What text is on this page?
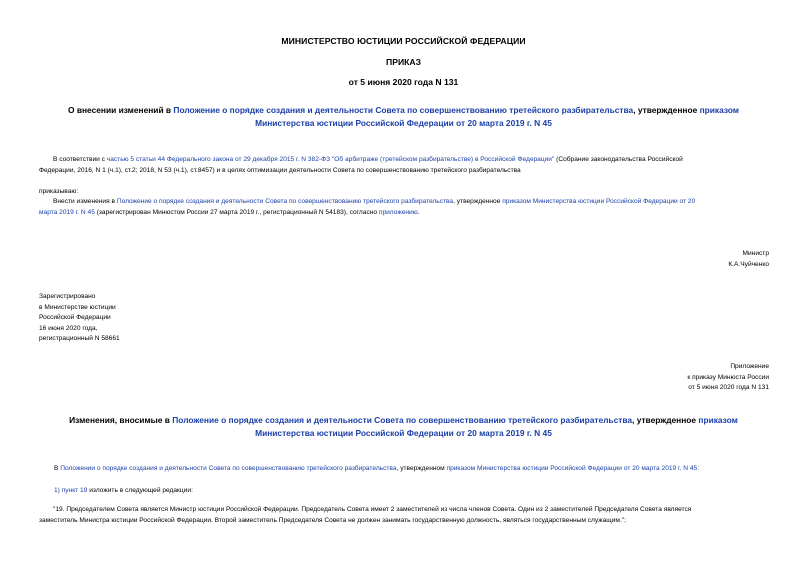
МИНИСТЕРСТВО ЮСТИЦИИ РОССИЙСКОЙ ФЕДЕРАЦИИ
ПРИКАЗ
от 5 июня 2020 года N 131
О внесении изменений в Положение о порядке создания и деятельности Совета по совершенствованию третейского разбирательства, утвержденное приказом
Министерства юстиции Российской Федерации от 20 марта 2019 г. N 45
В соответствии с частью 5 статьи 44 Федерального закона от 29 декабря 2015 г. N 382-ФЗ "Об арбитраже (третейском разбирательстве) в Российской Федерации" (Собрание законодательства Российской
Федерации, 2016, N 1 (ч.1), ст.2; 2018, N 53 (ч.1), ст.8457) и в целях оптимизации деятельности Совета по совершенствованию третейского разбирательства
приказываю:
Внести изменения в Положение о порядке создания и деятельности Совета по совершенствованию третейского разбирательства, утвержденное приказом Министерства юстиции Российской Федерации от 20
марта 2019 г. N 45 (зарегистрирован Минюстом России 27 марта 2019 г., регистрационный N 54183), согласно приложению.
Министр
К.А.Чуйченко
Зарегистрировано
в Министерстве юстиции
Российской Федерации
16 июня 2020 года,
регистрационный N 58661
Приложение
к приказу Минюста России
от 5 июня 2020 года N 131
Изменения, вносимые в Положение о порядке создания и деятельности Совета по совершенствованию третейского разбирательства, утвержденное приказом
Министерства юстиции Российской Федерации от 20 марта 2019 г. N 45
В Положении о порядке создания и деятельности Совета по совершенствованию третейского разбирательства, утвержденном приказом Министерства юстиции Российской Федерации от 20 марта 2019 г. N 45:
1) пункт 19 изложить в следующей редакции:
"19. Председателем Совета является Министр юстиции Российской Федерации. Председатель Совета имеет 2 заместителей из числа членов Совета. Один из 2 заместителей Председателя Совета является
заместитель Министра юстиции Российской Федерации. Второй заместитель Председателя Совета не должен занимать государственную должность, являться государственным служащим.";
